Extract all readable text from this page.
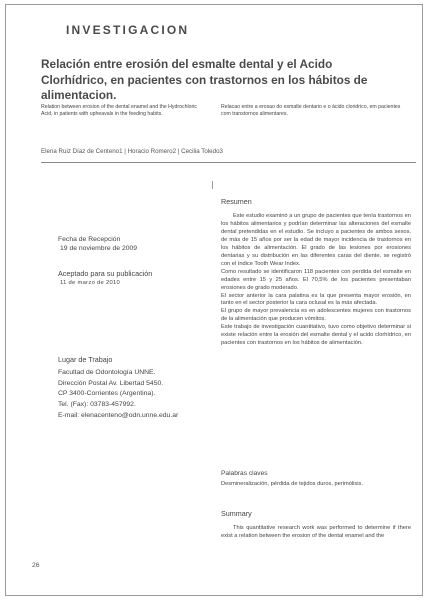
INVESTIGACION
Relación entre erosión del esmalte dental y el Acido Clorhídrico, en pacientes con trastornos en los hábitos de alimentacion.
Relation between erosion of the dental enamel and the Hydrochloric Acid, in patients with upheavals in the feeding habits.
Relacao entre a erosao do esmalte dentario e o ácido cloridrico, em pacientes com transtornos alimentares.
Elena Ruiz Díaz de Centeno1 | Horacio Romero2 | Cecilia Toledo3
Fecha de Recepción
19 de noviembre de 2009
Aceptado para su publicación
11 de marzo de 2010
Lugar de Trabajo
Facultad de Odontología UNNE.
Dirección Postal Av. Libertad 5450.
CP 3400-Corrientes (Argentina).
Tel. (Fax): 03783-457992.
E-mail: elenacenteno@odn.unne.edu.ar
Resumen

Este estudio examinó a un grupo de pacientes que tenía trastornos en los hábitos alimentarios y podrían determinar las alteraciones del esmalte dental pretendidas en el estudio. Se incluyo a pacientes de ambos sexos, de más de 15 años por ser la edad de mayor incidencia de trastornos en los hábitos de alimentación. El grado de las lesiones por erosiones dentarias y su distribución en las diferentes caras del diente, se registró con el índice Tooth Wear Index.

Como resultado se identificaron 118 pacientes con perdida del esmalte en edades entre 15 y 25 años. El 70,5% de los pacientes presentaban erosiones de grado moderado.

El sector anterior la cara palatina es la que presenta mayor erosión, en tanto en el sector posterior la cara oclusal es la más afectada.

El grupo de mayor prevalencia es en adolescentes mujeres con trastornos de la alimentación que producen vómitos.

Este trabajo de investigación cuantitativo, tuvo como objetivo determinar si existe relación entre la erosión del esmalte dental y el acido clorhídrico, en pacientes con trastornos en los hábitos de alimentación.

Palabras claves
Desmineralización, pérdida de tejidos duros, perimólisis.
Summary

This quantitative research work was performed to determine if there exist a relation between the erosion of the dental enamel and the

26
